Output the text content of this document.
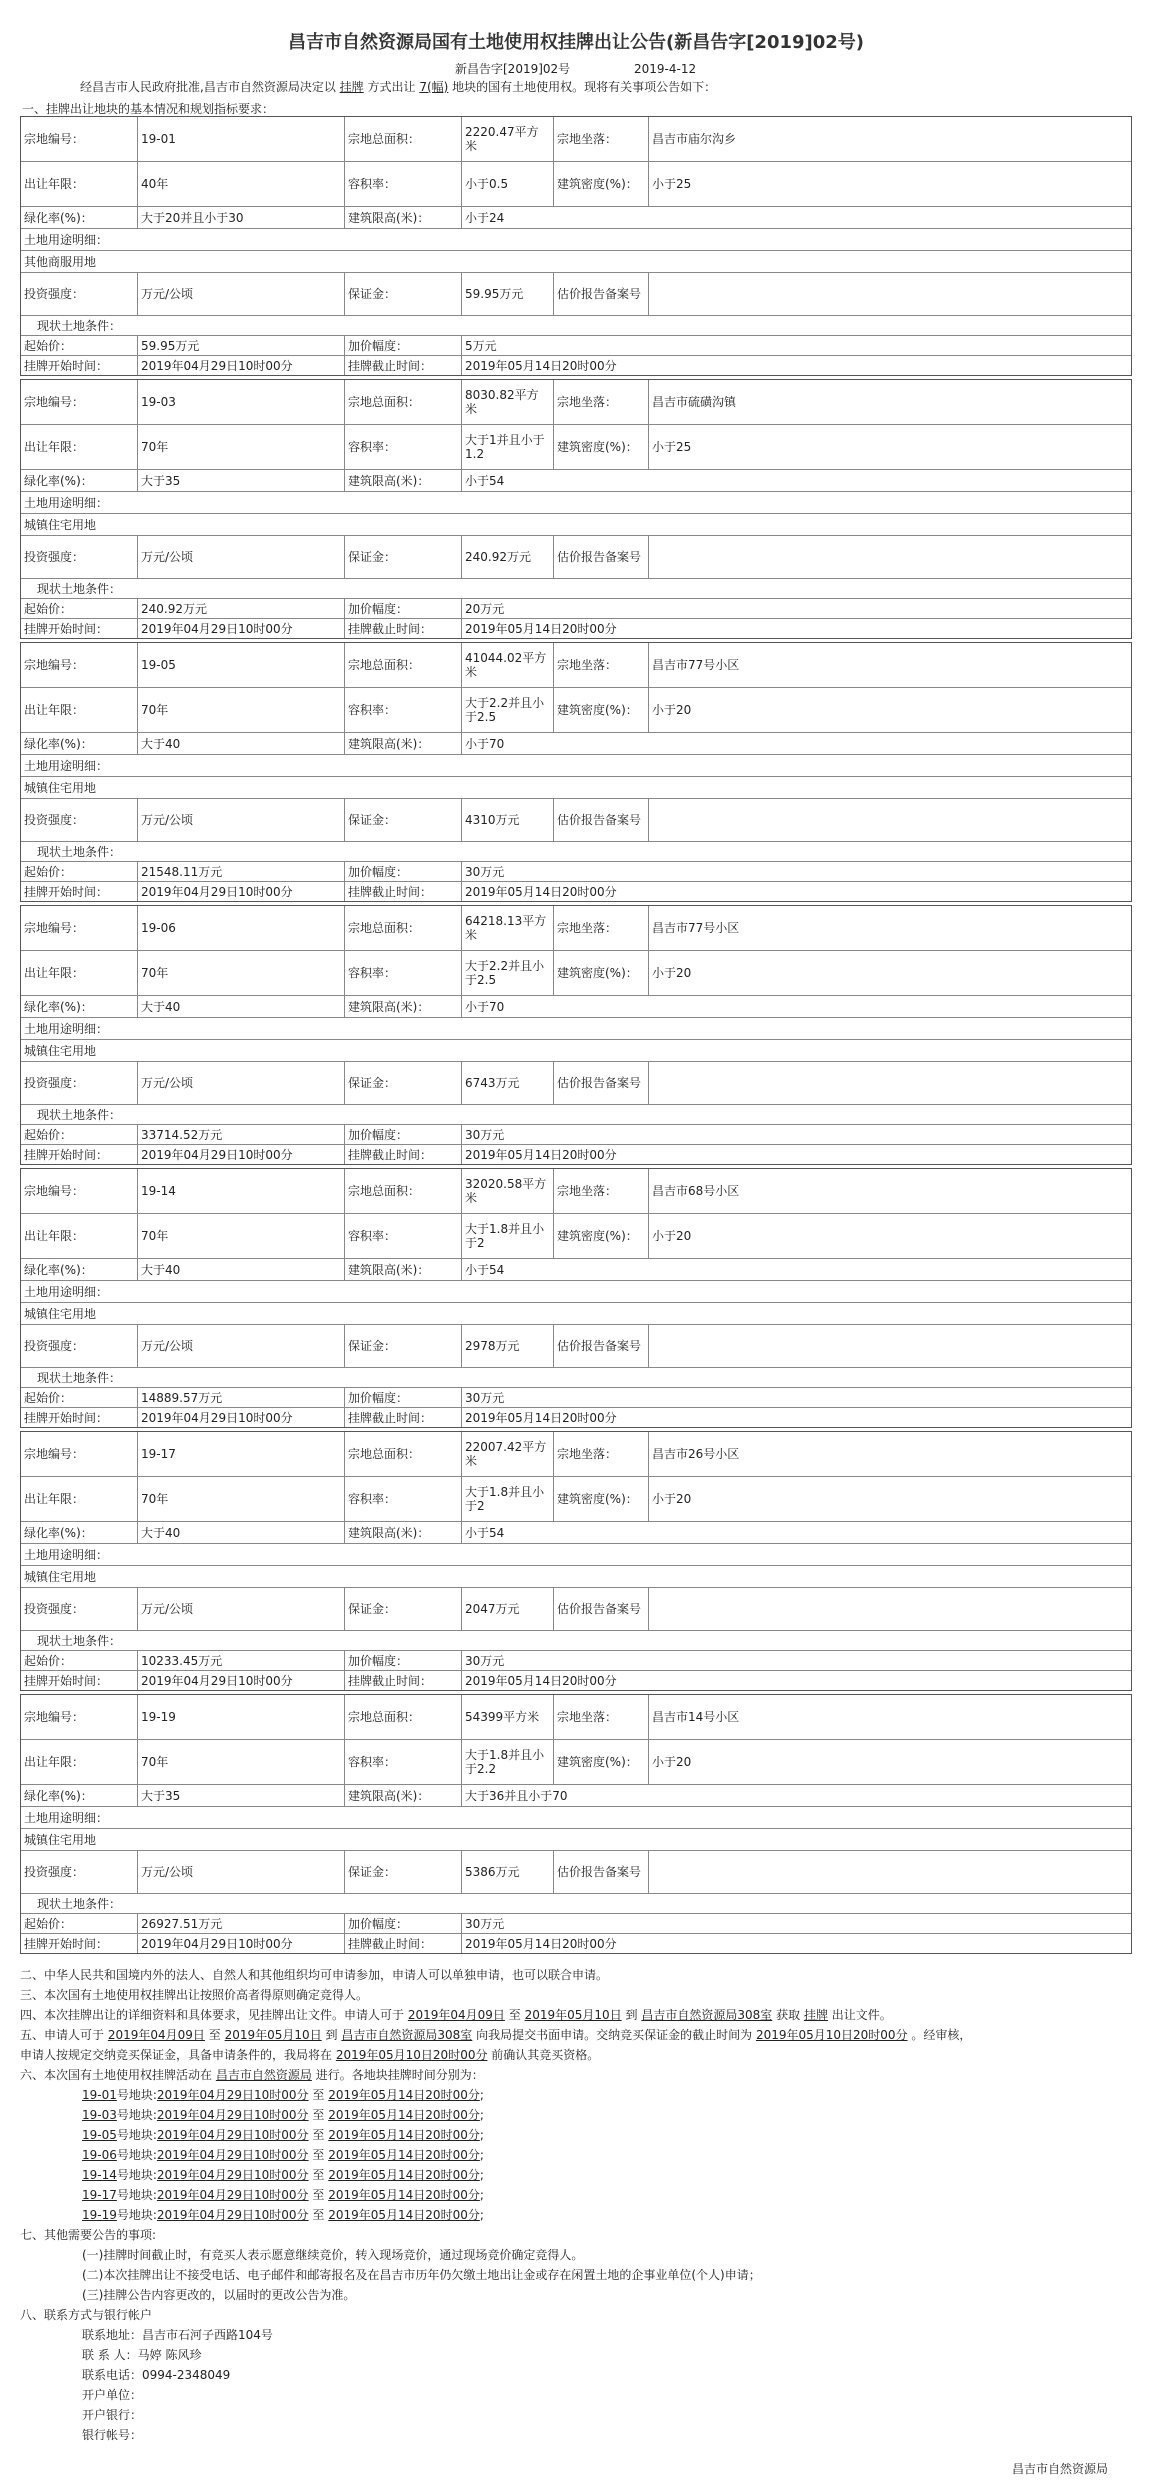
昌吉市自然资源局国有土地使用权挂牌出让公告(新昌告字[2019]02号)
新昌告字[2019]02号	2019-4-12
经昌吉市人民政府批准,昌吉市自然资源局决定以 挂牌 方式出让 7(幅) 地块的国有土地使用权。现将有关事项公告如下：
一、挂牌出让地块的基本情况和规划指标要求：
宗地编号：	19-01	宗地总面积：	2220.47平方米	宗地坐落：	昌吉市庙尔沟乡
出让年限：	40年	容积率：	小于0.5	建筑密度(%)：	小于25
绿化率(%)：	大于20并且小于30	建筑限高(米)：	小于24
土地用途明细：
其他商服用地
投资强度：	万元/公顷	保证金：	59.95万元	估价报告备案号
现状土地条件：
起始价：	59.95万元	加价幅度：	5万元
挂牌开始时间：	2019年04月29日10时00分	挂牌截止时间：	2019年05月14日20时00分
宗地编号：	19-03	宗地总面积：	8030.82平方米	宗地坐落：	昌吉市硫磺沟镇
出让年限：	70年	容积率：	大于1并且小于1.2	建筑密度(%)：	小于25
绿化率(%)：	大于35	建筑限高(米)：	小于54
土地用途明细：
城镇住宅用地
投资强度：	万元/公顷	保证金：	240.92万元	估价报告备案号
现状土地条件：
起始价：	240.92万元	加价幅度：	20万元
挂牌开始时间：	2019年04月29日10时00分	挂牌截止时间：	2019年05月14日20时00分
宗地编号：	19-05	宗地总面积：	41044.02平方米	宗地坐落：	昌吉市77号小区
出让年限：	70年	容积率：	大于2.2并且小于2.5	建筑密度(%)：	小于20
绿化率(%)：	大于40	建筑限高(米)：	小于70
土地用途明细：
城镇住宅用地
投资强度：	万元/公顷	保证金：	4310万元	估价报告备案号
现状土地条件：
起始价：	21548.11万元	加价幅度：	30万元
挂牌开始时间：	2019年04月29日10时00分	挂牌截止时间：	2019年05月14日20时00分
宗地编号：	19-06	宗地总面积：	64218.13平方米	宗地坐落：	昌吉市77号小区
出让年限：	70年	容积率：	大于2.2并且小于2.5	建筑密度(%)：	小于20
绿化率(%)：	大于40	建筑限高(米)：	小于70
土地用途明细：
城镇住宅用地
投资强度：	万元/公顷	保证金：	6743万元	估价报告备案号
现状土地条件：
起始价：	33714.52万元	加价幅度：	30万元
挂牌开始时间：	2019年04月29日10时00分	挂牌截止时间：	2019年05月14日20时00分
宗地编号：	19-14	宗地总面积：	32020.58平方米	宗地坐落：	昌吉市68号小区
出让年限：	70年	容积率：	大于1.8并且小于2	建筑密度(%)：	小于20
绿化率(%)：	大于40	建筑限高(米)：	小于54
土地用途明细：
城镇住宅用地
投资强度：	万元/公顷	保证金：	2978万元	估价报告备案号
现状土地条件：
起始价：	14889.57万元	加价幅度：	30万元
挂牌开始时间：	2019年04月29日10时00分	挂牌截止时间：	2019年05月14日20时00分
宗地编号：	19-17	宗地总面积：	22007.42平方米	宗地坐落：	昌吉市26号小区
出让年限：	70年	容积率：	大于1.8并且小于2	建筑密度(%)：	小于20
绿化率(%)：	大于40	建筑限高(米)：	小于54
土地用途明细：
城镇住宅用地
投资强度：	万元/公顷	保证金：	2047万元	估价报告备案号
现状土地条件：
起始价：	10233.45万元	加价幅度：	30万元
挂牌开始时间：	2019年04月29日10时00分	挂牌截止时间：	2019年05月14日20时00分
宗地编号：	19-19	宗地总面积：	54399平方米	宗地坐落：	昌吉市14号小区
出让年限：	70年	容积率：	大于1.8并且小于2.2	建筑密度(%)：	小于20
绿化率(%)：	大于35	建筑限高(米)：	大于36并且小于70
土地用途明细：
城镇住宅用地
投资强度：	万元/公顷	保证金：	5386万元	估价报告备案号
现状土地条件：
起始价：	26927.51万元	加价幅度：	30万元
挂牌开始时间：	2019年04月29日10时00分	挂牌截止时间：	2019年05月14日20时00分
二、中华人民共和国境内外的法人、自然人和其他组织均可申请参加，申请人可以单独申请，也可以联合申请。
三、本次国有土地使用权挂牌出让按照价高者得原则确定竞得人。
四、本次挂牌出让的详细资料和具体要求，见挂牌出让文件。申请人可于 2019年04月09日 至 2019年05月10日 到 昌吉市自然资源局308室 获取 挂牌 出让文件。
五、申请人可于 2019年04月09日 至 2019年05月10日 到 昌吉市自然资源局308室 向我局提交书面申请。交纳竞买保证金的截止时间为 2019年05月10日20时00分 。经审核，
申请人按规定交纳竞买保证金，具备申请条件的，我局将在 2019年05月10日20时00分 前确认其竞买资格。
六、本次国有土地使用权挂牌活动在 昌吉市自然资源局 进行。各地块挂牌时间分别为：
19-01号地块:2019年04月29日10时00分 至 2019年05月14日20时00分;
19-03号地块:2019年04月29日10时00分 至 2019年05月14日20时00分;
19-05号地块:2019年04月29日10时00分 至 2019年05月14日20时00分;
19-06号地块:2019年04月29日10时00分 至 2019年05月14日20时00分;
19-14号地块:2019年04月29日10时00分 至 2019年05月14日20时00分;
19-17号地块:2019年04月29日10时00分 至 2019年05月14日20时00分;
19-19号地块:2019年04月29日10时00分 至 2019年05月14日20时00分;
七、其他需要公告的事项:
(一)挂牌时间截止时，有竞买人表示愿意继续竞价，转入现场竞价，通过现场竞价确定竞得人。
(二)本次挂牌出让不接受电话、电子邮件和邮寄报名及在昌吉市历年仍欠缴土地出让金或存在闲置土地的企事业单位(个人)申请；
(三)挂牌公告内容更改的，以届时的更改公告为准。
八、联系方式与银行帐户
联系地址：昌吉市石河子西路104号
联 系 人：马婷 陈风珍
联系电话：0994-2348049
开户单位：
开户银行：
银行帐号：
昌吉市自然资源局
